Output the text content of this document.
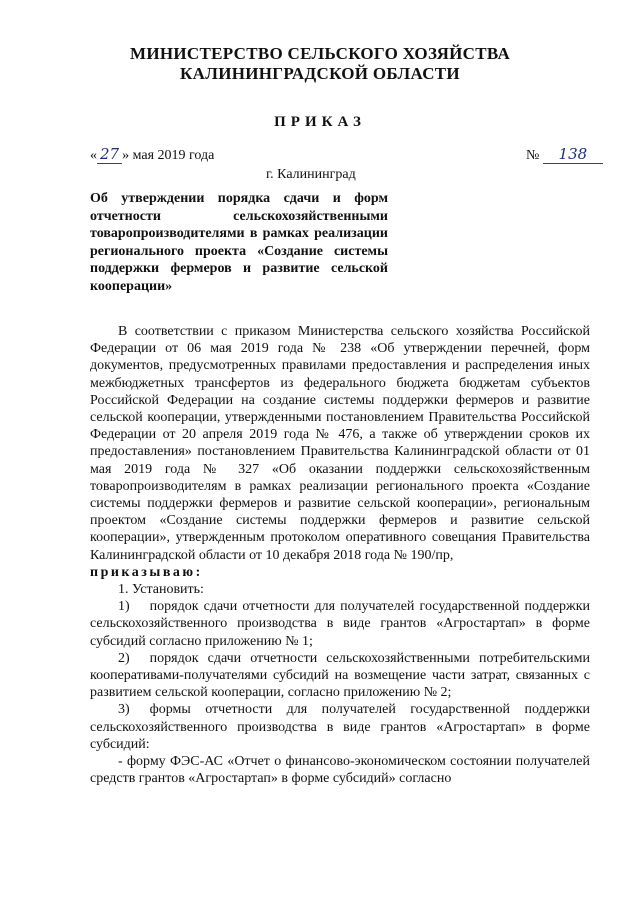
МИНИСТЕРСТВО СЕЛЬСКОГО ХОЗЯЙСТВА
КАЛИНИНГРАДСКОЙ ОБЛАСТИ
ПРИКАЗ
« 27 » мая 2019 года	№ 138
г. Калининград
Об утверждении порядка сдачи и форм отчетности сельскохозяйственными товаропроизводителями в рамках реализации регионального проекта «Создание системы поддержки фермеров и развитие сельской кооперации»

В соответствии с приказом Министерства сельского хозяйства Российской Федерации от 06 мая 2019 года № 238 «Об утверждении перечней, форм документов, предусмотренных правилами предоставления и распределения иных межбюджетных трансфертов из федерального бюджета бюджетам субъектов Российской Федерации на создание системы поддержки фермеров и развитие сельской кооперации, утвержденными постановлением Правительства Российской Федерации от 20 апреля 2019 года № 476, а также об утверждении сроков их предоставления» постановлением Правительства Калининградской области от 01 мая 2019 года № 327 «Об оказании поддержки сельскохозяйственным товаропроизводителям в рамках реализации регионального проекта «Создание системы поддержки фермеров и развитие сельской кооперации», региональным проектом «Создание системы поддержки фермеров и развитие сельской кооперации», утвержденным протоколом оперативного совещания Правительства Калининградской области от 10 декабря 2018 года № 190/пр,

приказываю:

1. Установить:

1) порядок сдачи отчетности для получателей государственной поддержки сельскохозяйственного производства в виде грантов «Агростартап» в форме субсидий согласно приложению № 1;

2) порядок сдачи отчетности сельскохозяйственными потребительскими кооперативами-получателями субсидий на возмещение части затрат, связанных с развитием сельской кооперации, согласно приложению № 2;

3) формы отчетности для получателей государственной поддержки сельскохозяйственного производства в виде грантов «Агростартап» в форме субсидий:

- форму ФЭС-АС «Отчет о финансово-экономическом состоянии получателей средств грантов «Агростартап» в форме субсидий» согласно
